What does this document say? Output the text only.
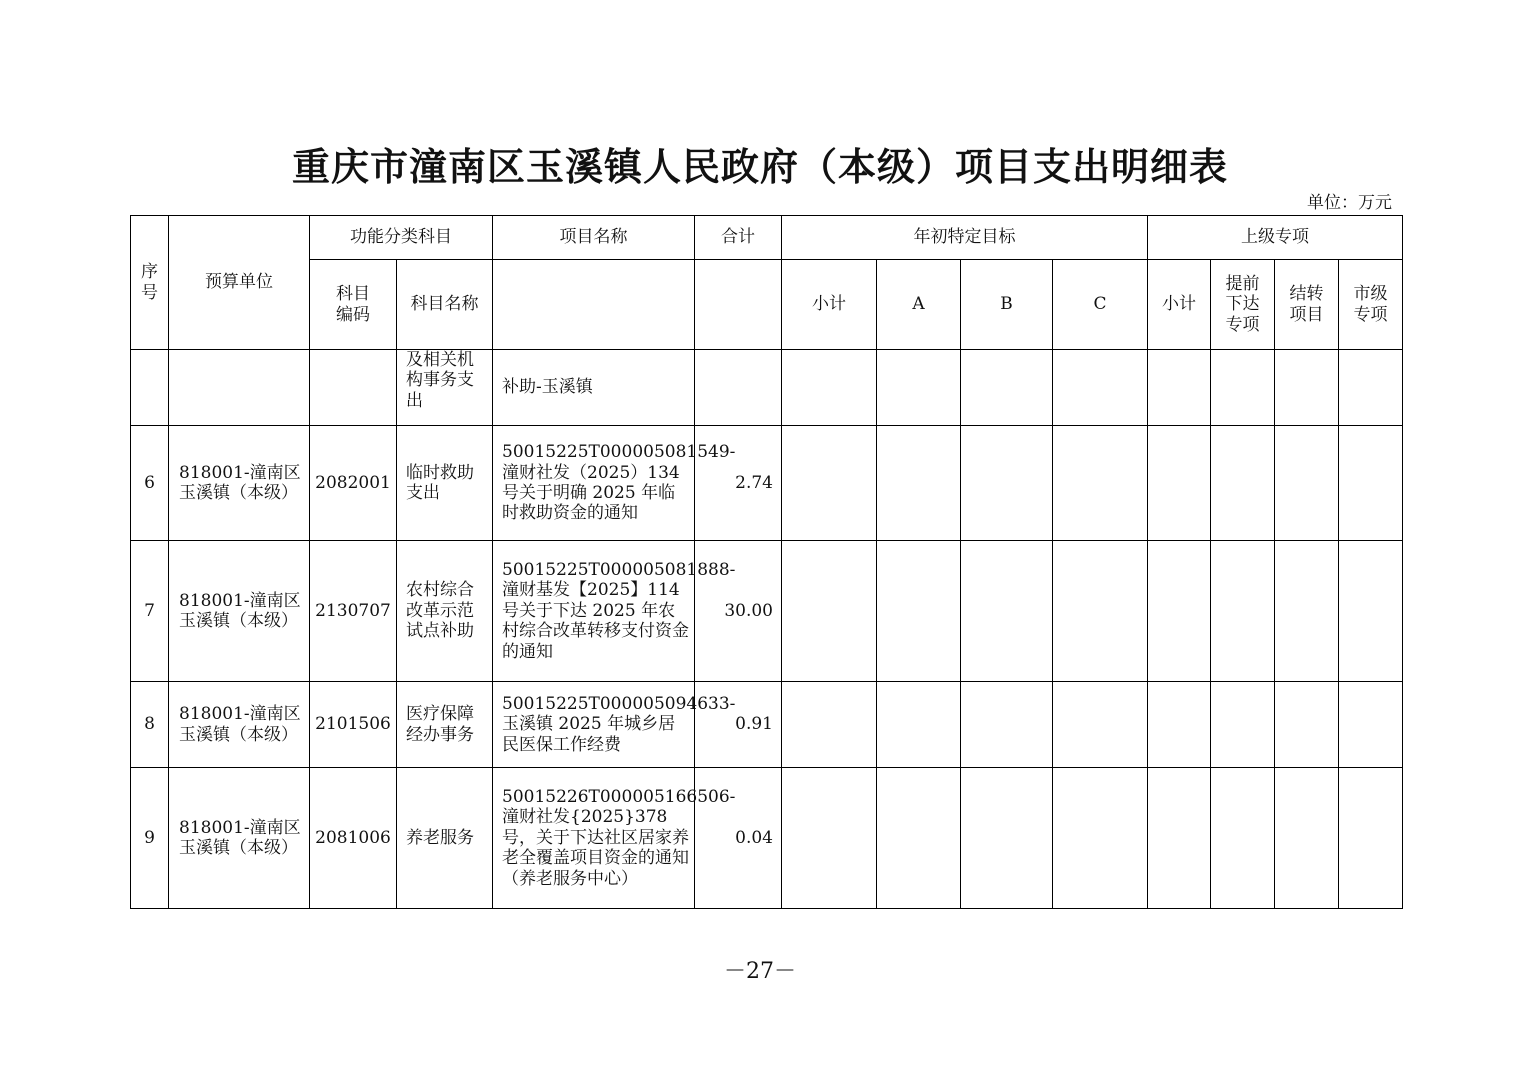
重庆市潼南区玉溪镇人民政府（本级）项目支出明细表
单位：万元
序号	预算单位	功能分类科目		项目名称	合计	年初特定目标				上级专项			

		科目编码	科目名称			小计	A	B	C	小计	提前下达专项	结转项目	市级专项

			及相关机构事务支出	补助-玉溪镇									
6	818001-潼南区玉溪镇（本级）	2082001	临时救助支出	50015225T000005081549-潼财社发（2025）134 号关于明确 2025 年临时救助资金的通知	2.74								
7	818001-潼南区玉溪镇（本级）	2130707	农村综合改革示范试点补助	50015225T000005081888-潼财基发【2025】114 号关于下达 2025 年农村综合改革转移支付资金的通知	30.00								
8	818001-潼南区玉溪镇（本级）	2101506	医疗保障经办事务	50015225T000005094633-玉溪镇 2025 年城乡居民医保工作经费	0.91								
9	818001-潼南区玉溪镇（本级）	2081006	养老服务	50015226T000005166506-潼财社发{2025}378 号，关于下达社区居家养老全覆盖项目资金的通知（养老服务中心）	0.04								
－27－
